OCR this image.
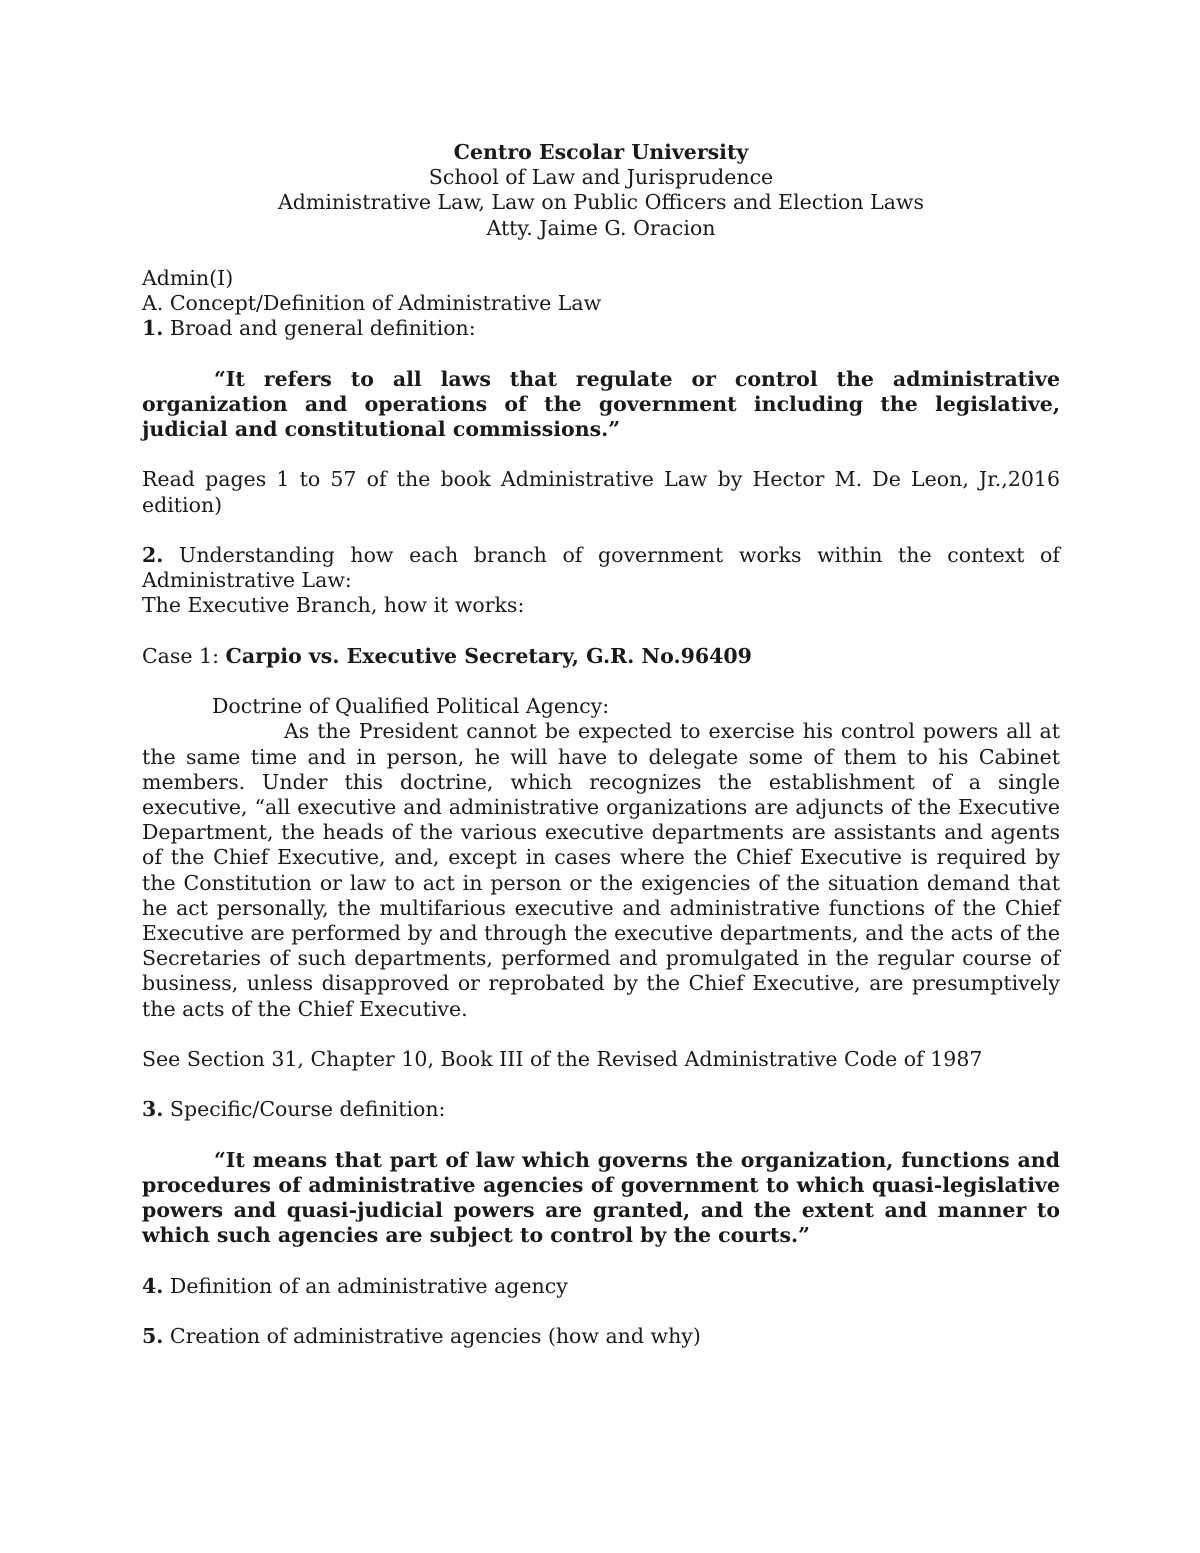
Centro Escolar University
School of Law and Jurisprudence
Administrative Law, Law on Public Officers and Election Laws
Atty. Jaime G. Oracion

Admin(I)

A. Concept/Definition of Administrative Law

1. Broad and general definition:

“It refers to all laws that regulate or control the administrative organization and operations of the government including the legislative, judicial and constitutional commissions.”

Read pages 1 to 57 of the book Administrative Law by Hector M. De Leon, Jr.,2016 edition)

2. Understanding how each branch of government works within the context of Administrative Law:

The Executive Branch, how it works:

Case 1: Carpio vs. Executive Secretary, G.R. No.96409

Doctrine of Qualified Political Agency:

As the President cannot be expected to exercise his control powers all at the same time and in person, he will have to delegate some of them to his Cabinet members. Under this doctrine, which recognizes the establishment of a single executive, “all executive and administrative organizations are adjuncts of the Executive Department, the heads of the various executive departments are assistants and agents of the Chief Executive, and, except in cases where the Chief Executive is required by the Constitution or law to act in person or the exigencies of the situation demand that he act personally, the multifarious executive and administrative functions of the Chief Executive are performed by and through the executive departments, and the acts of the Secretaries of such departments, performed and promulgated in the regular course of business, unless disapproved or reprobated by the Chief Executive, are presumptively the acts of the Chief Executive.

See Section 31, Chapter 10, Book III of the Revised Administrative Code of 1987

3. Specific/Course definition:

“It means that part of law which governs the organization, functions and procedures of administrative agencies of government to which quasi-legislative powers and quasi-judicial powers are granted, and the extent and manner to which such agencies are subject to control by the courts.”

4. Definition of an administrative agency

5. Creation of administrative agencies (how and why)
